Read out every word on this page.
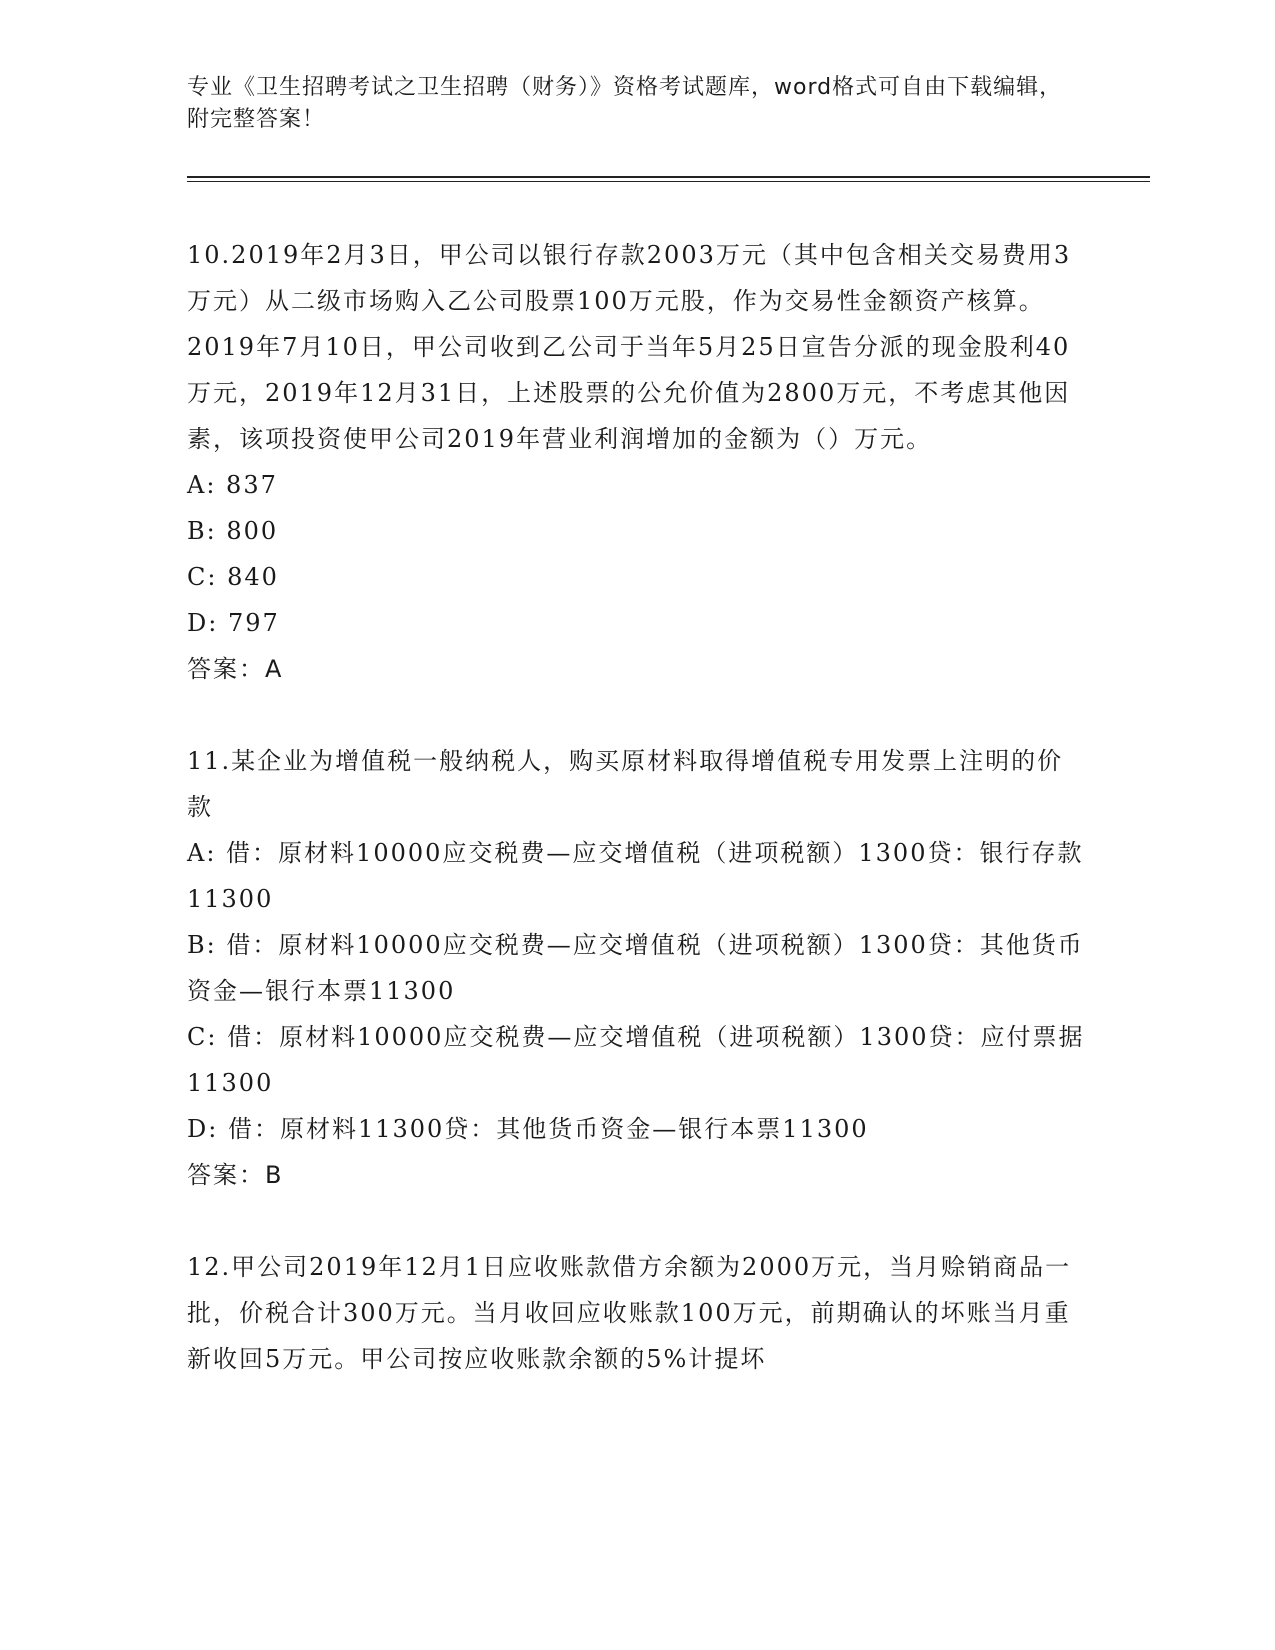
专业《卫生招聘考试之卫生招聘（财务）》资格考试题库，word格式可自由下载编辑，附完整答案！
10.2019年2月3日，甲公司以银行存款2003万元（其中包含相关交易费用3万元）从二级市场购入乙公司股票100万元股，作为交易性金额资产核算。2019年7月10日，甲公司收到乙公司于当年5月25日宣告分派的现金股利40万元，2019年12月31日，上述股票的公允价值为2800万元，不考虑其他因素，该项投资使甲公司2019年营业利润增加的金额为（）万元。
A: 837
B: 800
C: 840
D: 797
答案：A
11.某企业为增值税一般纳税人，购买原材料取得增值税专用发票上注明的价款
A: 借：原材料10000应交税费—应交增值税（进项税额）1300贷：银行存款11300
B: 借：原材料10000应交税费—应交增值税（进项税额）1300贷：其他货币资金—银行本票11300
C: 借：原材料10000应交税费—应交增值税（进项税额）1300贷：应付票据11300
D: 借：原材料11300贷：其他货币资金—银行本票11300
答案：B
12.甲公司2019年12月1日应收账款借方余额为2000万元，当月赊销商品一批，价税合计300万元。当月收回应收账款100万元，前期确认的坏账当月重新收回5万元。甲公司按应收账款余额的5%计提坏
